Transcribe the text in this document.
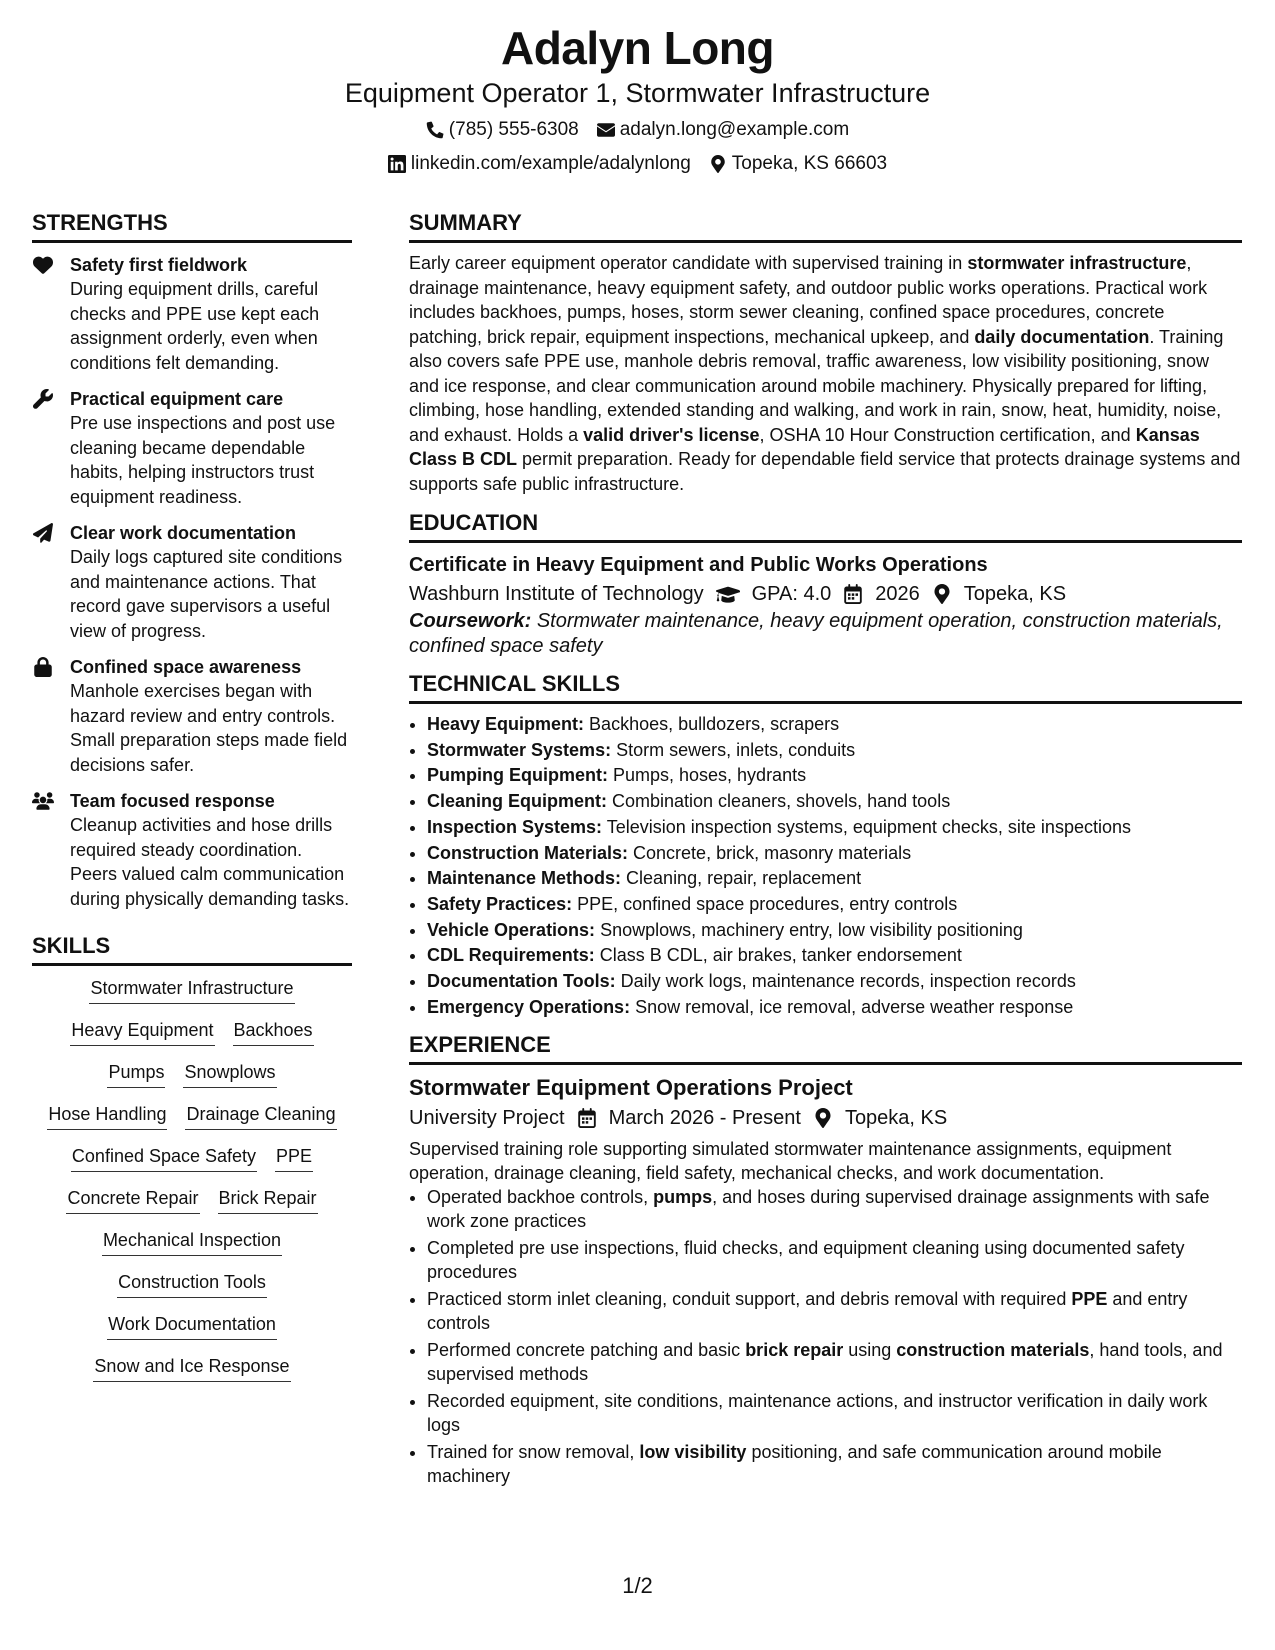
Adalyn Long
Equipment Operator 1, Stormwater Infrastructure
(785) 555-6308 adalyn.long@example.com
linkedin.com/example/adalynlong Topeka, KS 66603
STRENGTHS
Safety first fieldwork
During equipment drills, careful checks and PPE use kept each assignment orderly, even when conditions felt demanding.
Practical equipment care
Pre use inspections and post use cleaning became dependable habits, helping instructors trust equipment readiness.
Clear work documentation
Daily logs captured site conditions and maintenance actions. That record gave supervisors a useful view of progress.
Confined space awareness
Manhole exercises began with hazard review and entry controls. Small preparation steps made field decisions safer.
Team focused response
Cleanup activities and hose drills required steady coordination. Peers valued calm communication during physically demanding tasks.
SKILLS
Stormwater Infrastructure
Heavy Equipment Backhoes
Pumps Snowplows
Hose Handling Drainage Cleaning
Confined Space Safety PPE
Concrete Repair Brick Repair
Mechanical Inspection
Construction Tools
Work Documentation
Snow and Ice Response
SUMMARY
Early career equipment operator candidate with supervised training in stormwater infrastructure, drainage maintenance, heavy equipment safety, and outdoor public works operations. Practical work includes backhoes, pumps, hoses, storm sewer cleaning, confined space procedures, concrete patching, brick repair, equipment inspections, mechanical upkeep, and daily documentation. Training also covers safe PPE use, manhole debris removal, traffic awareness, low visibility positioning, snow and ice response, and clear communication around mobile machinery. Physically prepared for lifting, climbing, hose handling, extended standing and walking, and work in rain, snow, heat, humidity, noise, and exhaust. Holds a valid driver's license, OSHA 10 Hour Construction certification, and Kansas Class B CDL permit preparation. Ready for dependable field service that protects drainage systems and supports safe public infrastructure.
EDUCATION
Certificate in Heavy Equipment and Public Works Operations
Washburn Institute of Technology GPA: 4.0 2026 Topeka, KS
Coursework: Stormwater maintenance, heavy equipment operation, construction materials, confined space safety
TECHNICAL SKILLS
• Heavy Equipment: Backhoes, bulldozers, scrapers
• Stormwater Systems: Storm sewers, inlets, conduits
• Pumping Equipment: Pumps, hoses, hydrants
• Cleaning Equipment: Combination cleaners, shovels, hand tools
• Inspection Systems: Television inspection systems, equipment checks, site inspections
• Construction Materials: Concrete, brick, masonry materials
• Maintenance Methods: Cleaning, repair, replacement
• Safety Practices: PPE, confined space procedures, entry controls
• Vehicle Operations: Snowplows, machinery entry, low visibility positioning
• CDL Requirements: Class B CDL, air brakes, tanker endorsement
• Documentation Tools: Daily work logs, maintenance records, inspection records
• Emergency Operations: Snow removal, ice removal, adverse weather response
EXPERIENCE
Stormwater Equipment Operations Project
University Project March 2026 - Present Topeka, KS
Supervised training role supporting simulated stormwater maintenance assignments, equipment operation, drainage cleaning, field safety, mechanical checks, and work documentation.
• Operated backhoe controls, pumps, and hoses during supervised drainage assignments with safe work zone practices
• Completed pre use inspections, fluid checks, and equipment cleaning using documented safety procedures
• Practiced storm inlet cleaning, conduit support, and debris removal with required PPE and entry controls
• Performed concrete patching and basic brick repair using construction materials, hand tools, and supervised methods
• Recorded equipment, site conditions, maintenance actions, and instructor verification in daily work logs
• Trained for snow removal, low visibility positioning, and safe communication around mobile machinery
1/2
